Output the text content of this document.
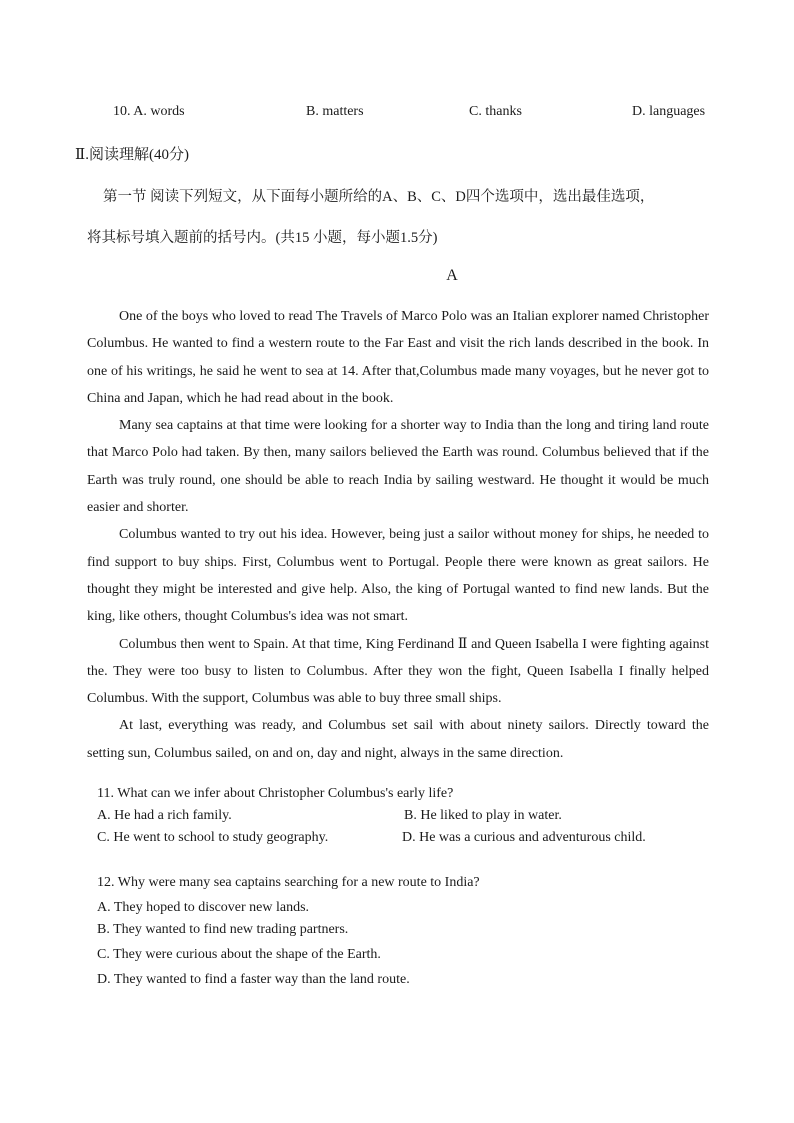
10. A. words	B. matters	C. thanks	D. languages
Ⅱ.阅读理解(40分)
第一节 阅读下列短文，从下面每小题所给的A、B、C、D四个选项中，选出最佳选项，
将其标号填入题前的括号内。(共15 小题，每小题1.5分)
A

One of the boys who loved to read The Travels of Marco Polo was an Italian explorer named Christopher Columbus. He wanted to find a western route to the Far East and visit the rich lands described in the book. In one of his writings, he said he went to sea at 14. After that,Columbus made many voyages, but he never got to China and Japan, which he had read about in the book.

Many sea captains at that time were looking for a shorter way to India than the long and tiring land route that Marco Polo had taken. By then, many sailors believed the Earth was round. Columbus believed that if the Earth was truly round, one should be able to reach India by sailing westward. He thought it would be much easier and shorter.

Columbus wanted to try out his idea. However, being just a sailor without money for ships, he needed to find support to buy ships. First, Columbus went to Portugal. People there were known as great sailors. He thought they might be interested and give help. Also, the king of Portugal wanted to find new lands. But the king, like others, thought Columbus's idea was not smart.

Columbus then went to Spain. At that time, King Ferdinand Ⅱ and Queen Isabella I were fighting against the. They were too busy to listen to Columbus. After they won the fight, Queen Isabella I finally helped Columbus. With the support, Columbus was able to buy three small ships.

At last, everything was ready, and Columbus set sail with about ninety sailors. Directly toward the setting sun, Columbus sailed, on and on, day and night, always in the same direction.

11. What can we infer about Christopher Columbus's early life?
A. He had a rich family.	B. He liked to play in water.
C. He went to school to study geography.	D. He was a curious and adventurous child.
12. Why were many sea captains searching for a new route to India?
A. They hoped to discover new lands.
B. They wanted to find new trading partners.
C. They were curious about the shape of the Earth.
D. They wanted to find a faster way than the land route.
